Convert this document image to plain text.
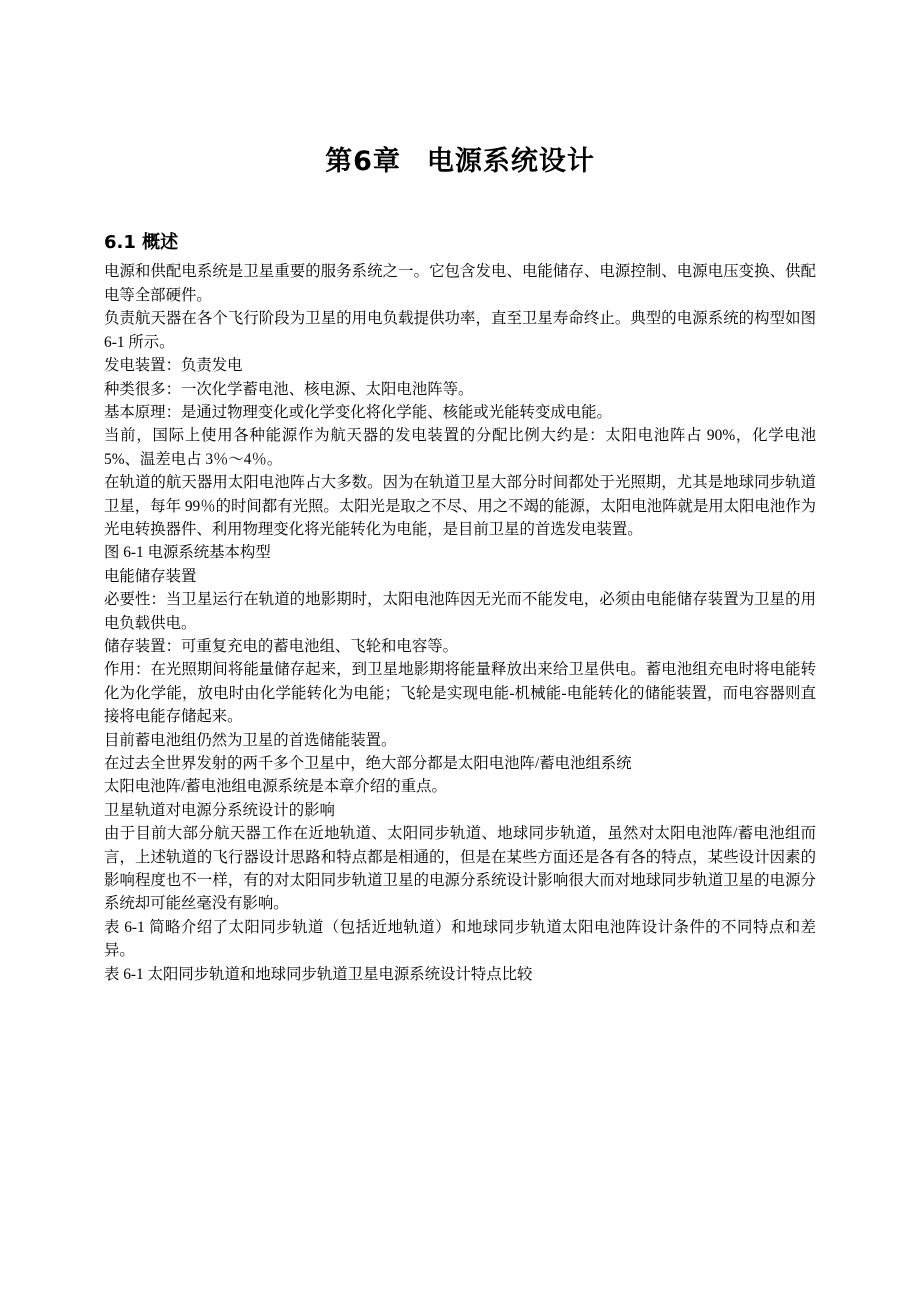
第6章 电源系统设计
6.1 概述

电源和供配电系统是卫星重要的服务系统之一。它包含发电、电能储存、电源控制、电源电压变换、供配电等全部硬件。

负责航天器在各个飞行阶段为卫星的用电负载提供功率，直至卫星寿命终止。典型的电源系统的构型如图 6-1 所示。

发电装置：负责发电

种类很多：一次化学蓄电池、核电源、太阳电池阵等。

基本原理：是通过物理变化或化学变化将化学能、核能或光能转变成电能。

当前，国际上使用各种能源作为航天器的发电装置的分配比例大约是：太阳电池阵占 90%，化学电池 5%、温差电占 3％～4％。

在轨道的航天器用太阳电池阵占大多数。因为在轨道卫星大部分时间都处于光照期，尤其是地球同步轨道卫星，每年 99％的时间都有光照。太阳光是取之不尽、用之不竭的能源，太阳电池阵就是用太阳电池作为光电转换器件、利用物理变化将光能转化为电能，是目前卫星的首选发电装置。

图 6-1 电源系统基本构型

电能储存装置

必要性：当卫星运行在轨道的地影期时，太阳电池阵因无光而不能发电，必须由电能储存装置为卫星的用电负载供电。

储存装置：可重复充电的蓄电池组、飞轮和电容等。

作用：在光照期间将能量储存起来，到卫星地影期将能量释放出来给卫星供电。蓄电池组充电时将电能转化为化学能，放电时由化学能转化为电能；飞轮是实现电能-机械能-电能转化的储能装置，而电容器则直接将电能存储起来。

目前蓄电池组仍然为卫星的首选储能装置。

在过去全世界发射的两千多个卫星中，绝大部分都是太阳电池阵/蓄电池组系统

太阳电池阵/蓄电池组电源系统是本章介绍的重点。

卫星轨道对电源分系统设计的影响

由于目前大部分航天器工作在近地轨道、太阳同步轨道、地球同步轨道，虽然对太阳电池阵/蓄电池组而言，上述轨道的飞行器设计思路和特点都是相通的，但是在某些方面还是各有各的特点，某些设计因素的影响程度也不一样，有的对太阳同步轨道卫星的电源分系统设计影响很大而对地球同步轨道卫星的电源分系统却可能丝毫没有影响。

表 6-1 简略介绍了太阳同步轨道（包括近地轨道）和地球同步轨道太阳电池阵设计条件的不同特点和差异。

表 6-1 太阳同步轨道和地球同步轨道卫星电源系统设计特点比较
